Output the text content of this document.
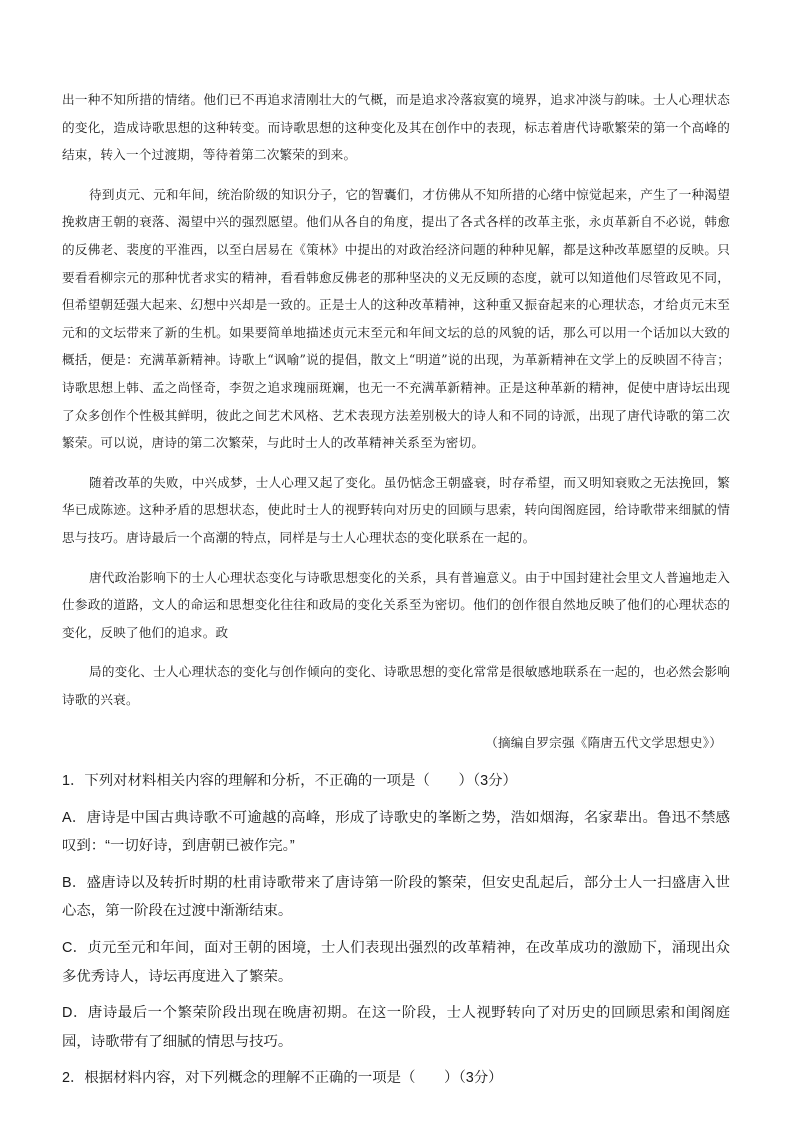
出一种不知所措的情绪。他们已不再追求清刚壮大的气概，而是追求冷落寂寞的境界，追求冲淡与韵味。士人心理状态的变化，造成诗歌思想的这种转变。而诗歌思想的这种变化及其在创作中的表现，标志着唐代诗歌繁荣的第一个高峰的结束，转入一个过渡期，等待着第二次繁荣的到来。

待到贞元、元和年间，统治阶级的知识分子，它的智囊们，才仿佛从不知所措的心绪中惊觉起来，产生了一种渴望挽救唐王朝的衰落、渴望中兴的强烈愿望。他们从各自的角度，提出了各式各样的改革主张，永贞革新自不必说，韩愈的反佛老、裴度的平淮西，以至白居易在《策林》中提出的对政治经济问题的种种见解，都是这种改革愿望的反映。只要看看柳宗元的那种忧者求实的精神，看看韩愈反佛老的那种坚决的义无反顾的态度，就可以知道他们尽管政见不同，但希望朝廷强大起来、幻想中兴却是一致的。正是士人的这种改革精神，这种重又振奋起来的心理状态，才给贞元末至元和的文坛带来了新的生机。如果要简单地描述贞元末至元和年间文坛的总的风貌的话，那么可以用一个话加以大致的概括，便是：充满革新精神。诗歌上“讽喻”说的提倡，散文上“明道”说的出现，为革新精神在文学上的反映固不待言；诗歌思想上韩、孟之尚怪奇，李贺之追求瑰丽斑斓，也无一不充满革新精神。正是这种革新的精神，促使中唐诗坛出现了众多创作个性极其鲜明，彼此之间艺术风格、艺术表现方法差别极大的诗人和不同的诗派，出现了唐代诗歌的第二次繁荣。可以说，唐诗的第二次繁荣，与此时士人的改革精神关系至为密切。

随着改革的失败，中兴成梦，士人心理又起了变化。虽仍惦念王朝盛衰，时存希望，而又明知衰败之无法挽回，繁华已成陈迹。这种矛盾的思想状态，使此时士人的视野转向对历史的回顾与思索，转向闺阁庭园，给诗歌带来细腻的情思与技巧。唐诗最后一个高潮的特点，同样是与士人心理状态的变化联系在一起的。

唐代政治影响下的士人心理状态变化与诗歌思想变化的关系，具有普遍意义。由于中国封建社会里文人普遍地走入仕参政的道路，文人的命运和思想变化往往和政局的变化关系至为密切。他们的创作很自然地反映了他们的心理状态的变化，反映了他们的追求。政

局的变化、士人心理状态的变化与创作倾向的变化、诗歌思想的变化常常是很敏感地联系在一起的，也必然会影响诗歌的兴衰。

（摘编自罗宗强《隋唐五代文学思想史》）

1．下列对材料相关内容的理解和分析，不正确的一项是（　　）（3分）

A．唐诗是中国古典诗歌不可逾越的高峰，形成了诗歌史的峯断之势，浩如烟海，名家辈出。鲁迅不禁感叹到：“一切好诗，到唐朝已被作完。”

B．盛唐诗以及转折时期的杜甫诗歌带来了唐诗第一阶段的繁荣，但安史乱起后，部分士人一扫盛唐入世心态，第一阶段在过渡中渐渐结束。

C．贞元至元和年间，面对王朝的困境，士人们表现出强烈的改革精神，在改革成功的激励下，涌现出众多优秀诗人，诗坛再度进入了繁荣。

D．唐诗最后一个繁荣阶段出现在晚唐初期。在这一阶段，士人视野转向了对历史的回顾思索和闺阁庭园，诗歌带有了细腻的情思与技巧。

2．根据材料内容，对下列概念的理解不正确的一项是（　　）（3分）
